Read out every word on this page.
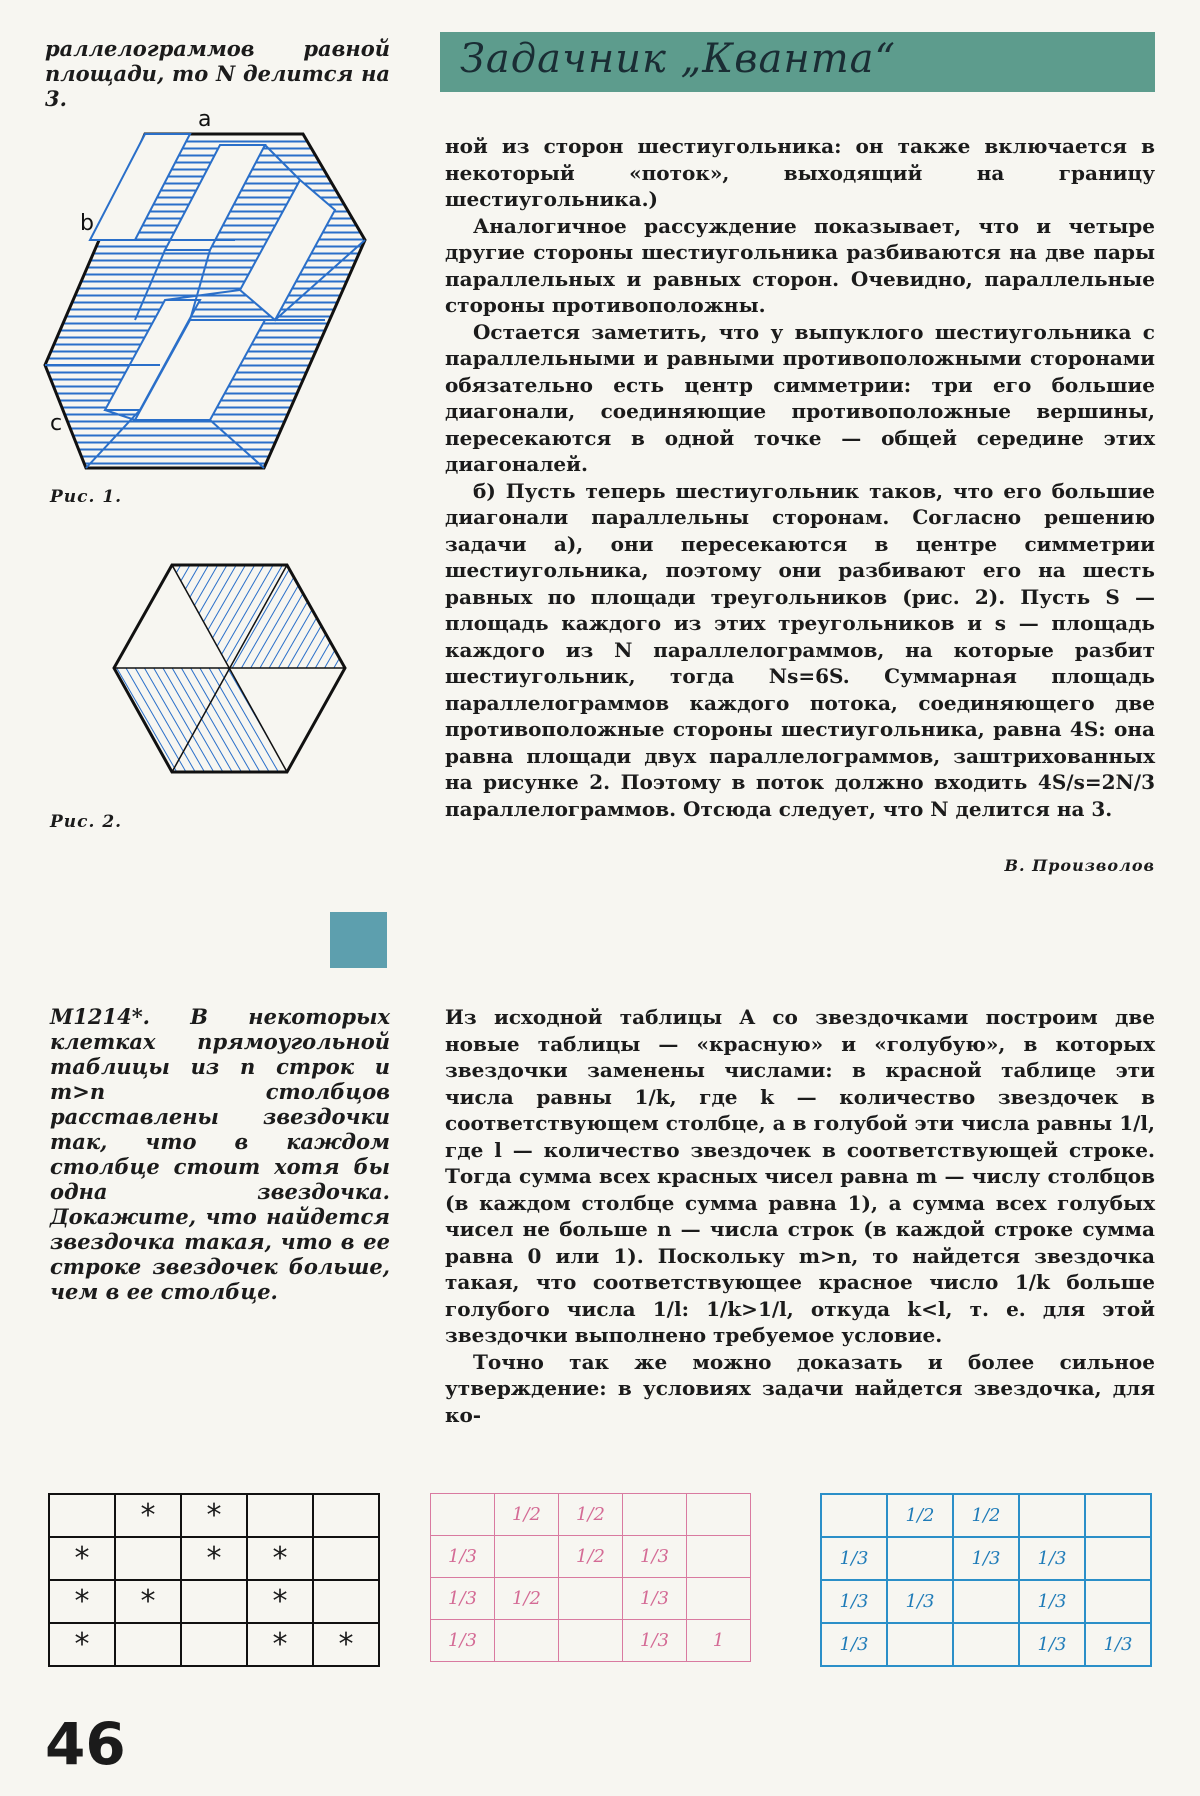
раллелограммов равной площади, то N делится на 3.
Задачник „Кванта“
a
b
c
Рис. 1.
Рис. 2.

ной из сторон шестиугольника: он также включается в некоторый «поток», выходящий на границу шестиугольника.)

Аналогичное рассуждение показывает, что и четыре другие стороны шестиугольника разбиваются на две пары параллельных и равных сторон. Очевидно, параллельные стороны противоположны.

Остается заметить, что у выпуклого шестиугольника с параллельными и равными противоположными сторонами обязательно есть центр симметрии: три его большие диагонали, соединяющие противоположные вершины, пересекаются в одной точке — общей середине этих диагоналей.

б) Пусть теперь шестиугольник таков, что его большие диагонали параллельны сторонам. Согласно решению задачи а), они пересекаются в центре симметрии шестиугольника, поэтому они разбивают его на шесть равных по площади треугольников (рис. 2). Пусть S — площадь каждого из этих треугольников и s — площадь каждого из N параллелограммов, на которые разбит шестиугольник, тогда Ns=6S. Суммарная площадь параллелограммов каждого потока, соединяющего две противоположные стороны шестиугольника, равна 4S: она равна площади двух параллелограммов, заштрихованных на рисунке 2. Поэтому в поток должно входить 4S/s=2N/3 параллелограммов. Отсюда следует, что N делится на 3.

В. Произволов
М1214*. В некоторых клетках прямоугольной таблицы из n строк и m>n столбцов расставлены звездочки так, что в каждом столбце стоит хотя бы одна звездочка. Докажите, что найдется звездочка такая, что в ее строке звездочек больше, чем в ее столбце.

Из исходной таблицы A со звездочками построим две новые таблицы — «красную» и «голубую», в которых звездочки заменены числами: в красной таблице эти числа равны 1/k, где k — количество звездочек в соответствующем столбце, а в голубой эти числа равны 1/l, где l — количество звездочек в соответствующей строке. Тогда сумма всех красных чисел равна m — числу столбцов (в каждом столбце сумма равна 1), а сумма всех голубых чисел не больше n — числа строк (в каждой строке сумма равна 0 или 1). Поскольку m>n, то найдется звездочка такая, что соответствующее красное число 1/k больше голубого числа 1/l: 1/k>1/l, откуда k<l, т. е. для этой звездочки выполнено требуемое условие.

Точно так же можно доказать и более сильное утверждение: в условиях задачи найдется звездочка, для ко-

	*	*		
*		*	*	
*	*		*	
*			*	*
	1/2	1/2		
1/3		1/2	1/3	
1/3	1/2		1/3	
1/3			1/3	1
	1/2	1/2		
1/3		1/3	1/3	
1/3	1/3		1/3	
1/3			1/3	1/3
46
